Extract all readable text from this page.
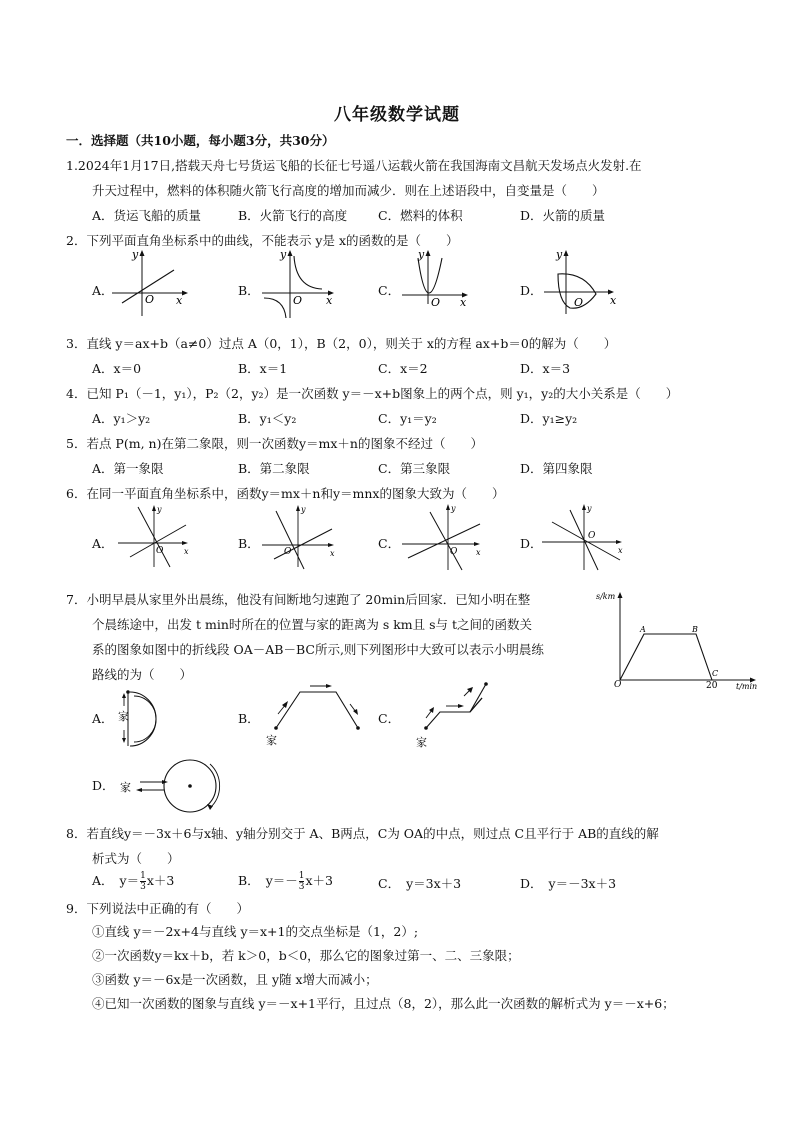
八年级数学试题
一．选择题（共10小题，每小题3分，共30分）
1.2024年1月17日,搭载天舟七号货运飞船的长征七号遥八运载火箭在我国海南文昌航天发场点火发射.在
升天过程中，燃料的体积随火箭飞行高度的增加而减少．则在上述语段中，自变量是（　　）
A．货运飞船的质量	B．火箭飞行的高度 C．燃料的体积	D．火箭的质量
2．下列平面直角坐标系中的曲线，不能表示 y是 x的函数的是（　　）
A．	B．	C．	D．
y
x
O
y
x
O
y
x
O
y
x
O
3．直线 y＝ax+b（a≠0）过点 A（0，1），B（2，0），则关于 x的方程 ax+b＝0的解为（　　）
A．x＝0	B．x＝1	C．x＝2	D．x＝3
4．已知 P₁（－1，y₁），P₂（2，y₂）是一次函数 y＝－x+b图象上的两个点，则 y₁，y₂的大小关系是（　　）
A．y₁＞y₂	B．y₁＜y₂	C．y₁＝y₂	D．y₁≥y₂
5．若点 P(m, n)在第二象限，则一次函数y＝mx＋n的图象不经过（　　）
A．第一象限	B．第二象限	C．第三象限	D．第四象限
6．在同一平面直角坐标系中，函数y＝mx＋n和y＝mnx的图象大致为（　　）
A．	B．	C．	D．
y
x
O
y
x
O
y
x
O
y
x
O
7．小明早晨从家里外出晨练，他没有间断地匀速跑了 20min后回家．已知小明在整
个晨练途中，出发 t min时所在的位置与家的距离为 s km且 s与 t之间的函数关
系的图象如图中的折线段 OA－AB－BC所示,则下列图形中大致可以表示小明晨练
路线的为（　　）
s/km
t/min
O	20
A	B
C
A．	B．	C．
D．
家
家	家
家
8．若直线y＝－3x＋6与x轴、y轴分别交于 A、B两点，C为 OA的中点，则过点 C且平行于 AB的直线的解
析式为（　　）
A． $y= \frac{1}{3} x+3$	B． $y=- \frac{1}{3} x+3$	C． y＝3x＋3	D． y＝－3x＋3
9．下列说法中正确的有（　　）
①直线 y＝－2x+4与直线 y＝x+1的交点坐标是（1，2）;
②一次函数y＝kx＋b，若 k＞0，b＜0，那么它的图象过第一、二、三象限；
③函数 y＝－6x是一次函数，且 y随 x增大而减小；
④已知一次函数的图象与直线 y＝－x+1平行，且过点（8，2），那么此一次函数的解析式为 y＝－x+6；
